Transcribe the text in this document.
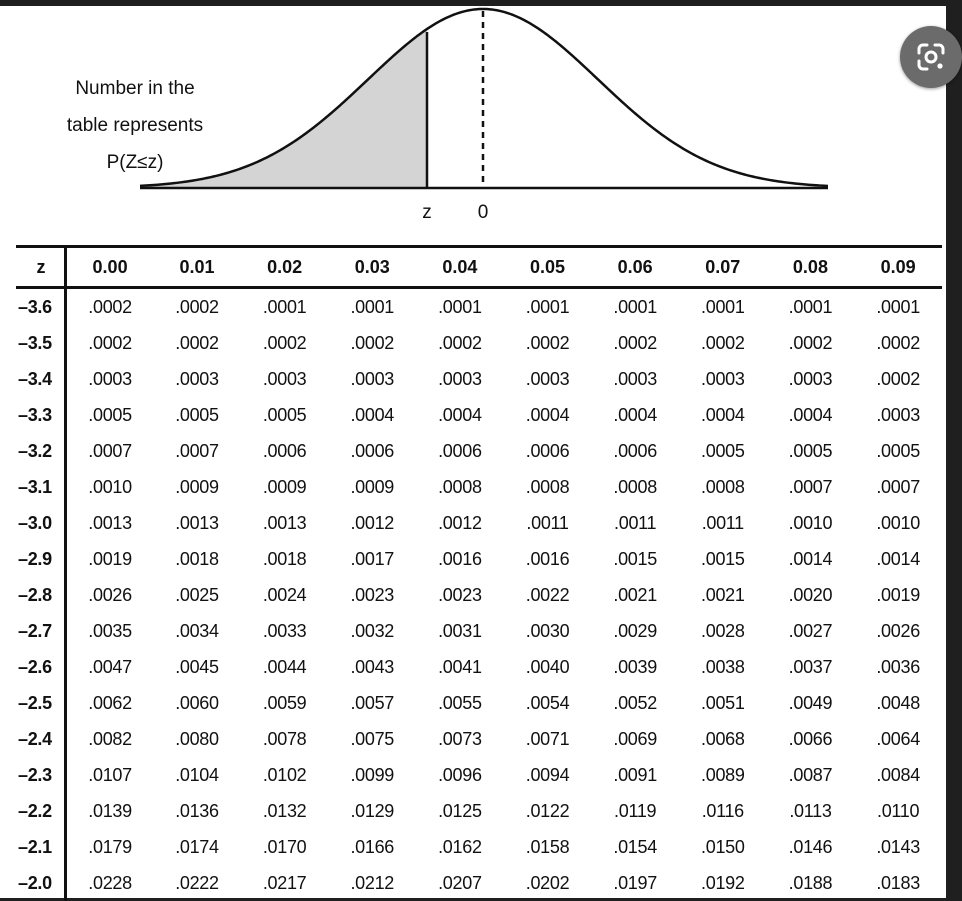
z 0
Number in the
table represents
P(Z≤z)
z	0.00	0.01	0.02	0.03	0.04	0.05	0.06	0.07	0.08	0.09
–3.6	.0002	.0002	.0001	.0001	.0001	.0001	.0001	.0001	.0001	.0001
–3.5	.0002	.0002	.0002	.0002	.0002	.0002	.0002	.0002	.0002	.0002
–3.4	.0003	.0003	.0003	.0003	.0003	.0003	.0003	.0003	.0003	.0002
–3.3	.0005	.0005	.0005	.0004	.0004	.0004	.0004	.0004	.0004	.0003
–3.2	.0007	.0007	.0006	.0006	.0006	.0006	.0006	.0005	.0005	.0005
–3.1	.0010	.0009	.0009	.0009	.0008	.0008	.0008	.0008	.0007	.0007
–3.0	.0013	.0013	.0013	.0012	.0012	.0011	.0011	.0011	.0010	.0010
–2.9	.0019	.0018	.0018	.0017	.0016	.0016	.0015	.0015	.0014	.0014
–2.8	.0026	.0025	.0024	.0023	.0023	.0022	.0021	.0021	.0020	.0019
–2.7	.0035	.0034	.0033	.0032	.0031	.0030	.0029	.0028	.0027	.0026
–2.6	.0047	.0045	.0044	.0043	.0041	.0040	.0039	.0038	.0037	.0036
–2.5	.0062	.0060	.0059	.0057	.0055	.0054	.0052	.0051	.0049	.0048
–2.4	.0082	.0080	.0078	.0075	.0073	.0071	.0069	.0068	.0066	.0064
–2.3	.0107	.0104	.0102	.0099	.0096	.0094	.0091	.0089	.0087	.0084
–2.2	.0139	.0136	.0132	.0129	.0125	.0122	.0119	.0116	.0113	.0110
–2.1	.0179	.0174	.0170	.0166	.0162	.0158	.0154	.0150	.0146	.0143
–2.0	.0228	.0222	.0217	.0212	.0207	.0202	.0197	.0192	.0188	.0183
